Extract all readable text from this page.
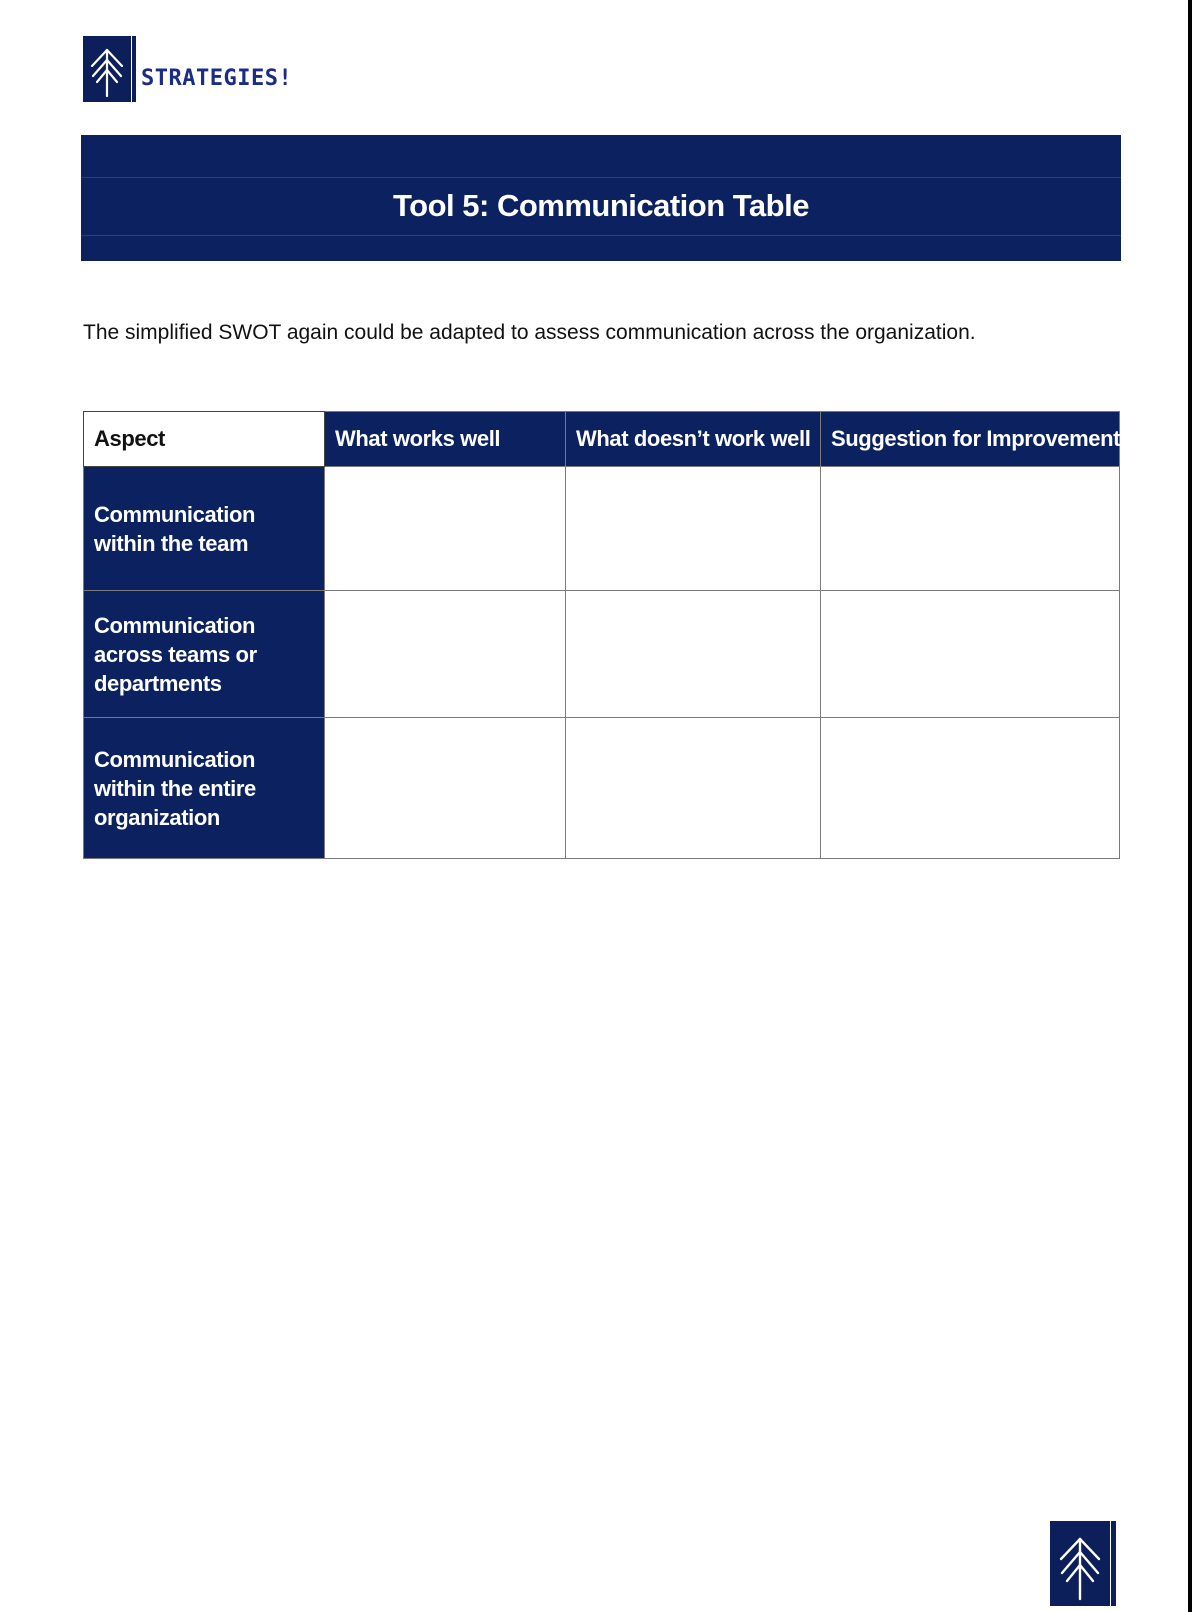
STRATEGIES!
Tool 5: Communication Table
The simplified SWOT again could be adapted to assess communication across the organization.
Aspect	What works well	What doesn’t work well	Suggestion for Improvement
Communication within the team			
Communication across teams or departments			
Communication within the entire organization			
